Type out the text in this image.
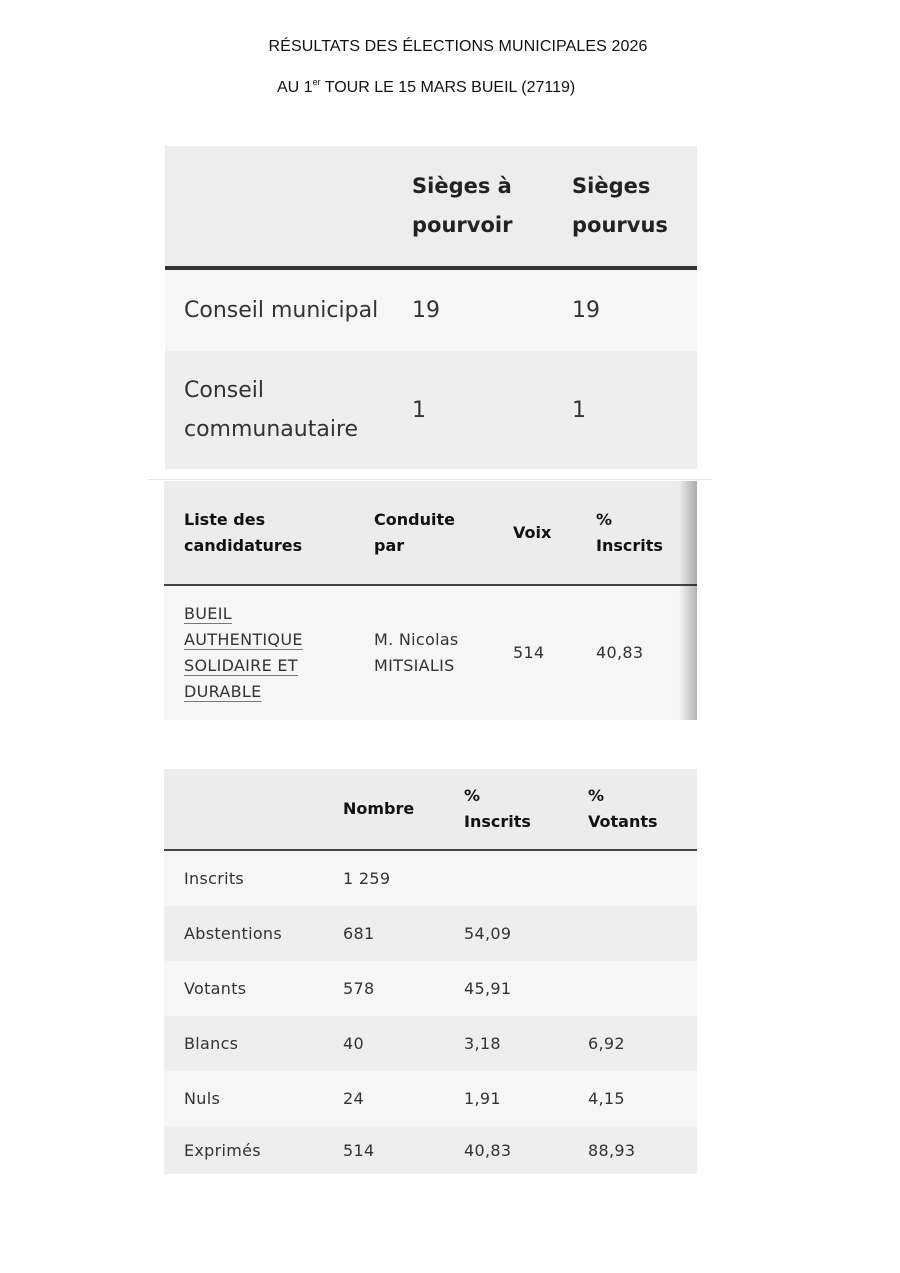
RÉSULTATS DES ÉLECTIONS MUNICIPALES 2026
AU 1er TOUR LE 15 MARS BUEIL (27119)

	Sièges à pourvoir	Sièges pourvus

Conseil municipal	19	19

Conseil communautaire	1	1
Liste des candidatures	Conduite par	Voix	% Inscrits

BUEIL AUTHENTIQUE SOLIDAIRE ET DURABLE	M. Nicolas MITSIALIS	514	40,83
	Nombre	% Inscrits	% Votants

Inscrits	1 259		
Abstentions	681	54,09	
Votants	578	45,91	
Blancs	40	3,18	6,92
Nuls	24	1,91	4,15
Exprimés	514	40,83	88,93
